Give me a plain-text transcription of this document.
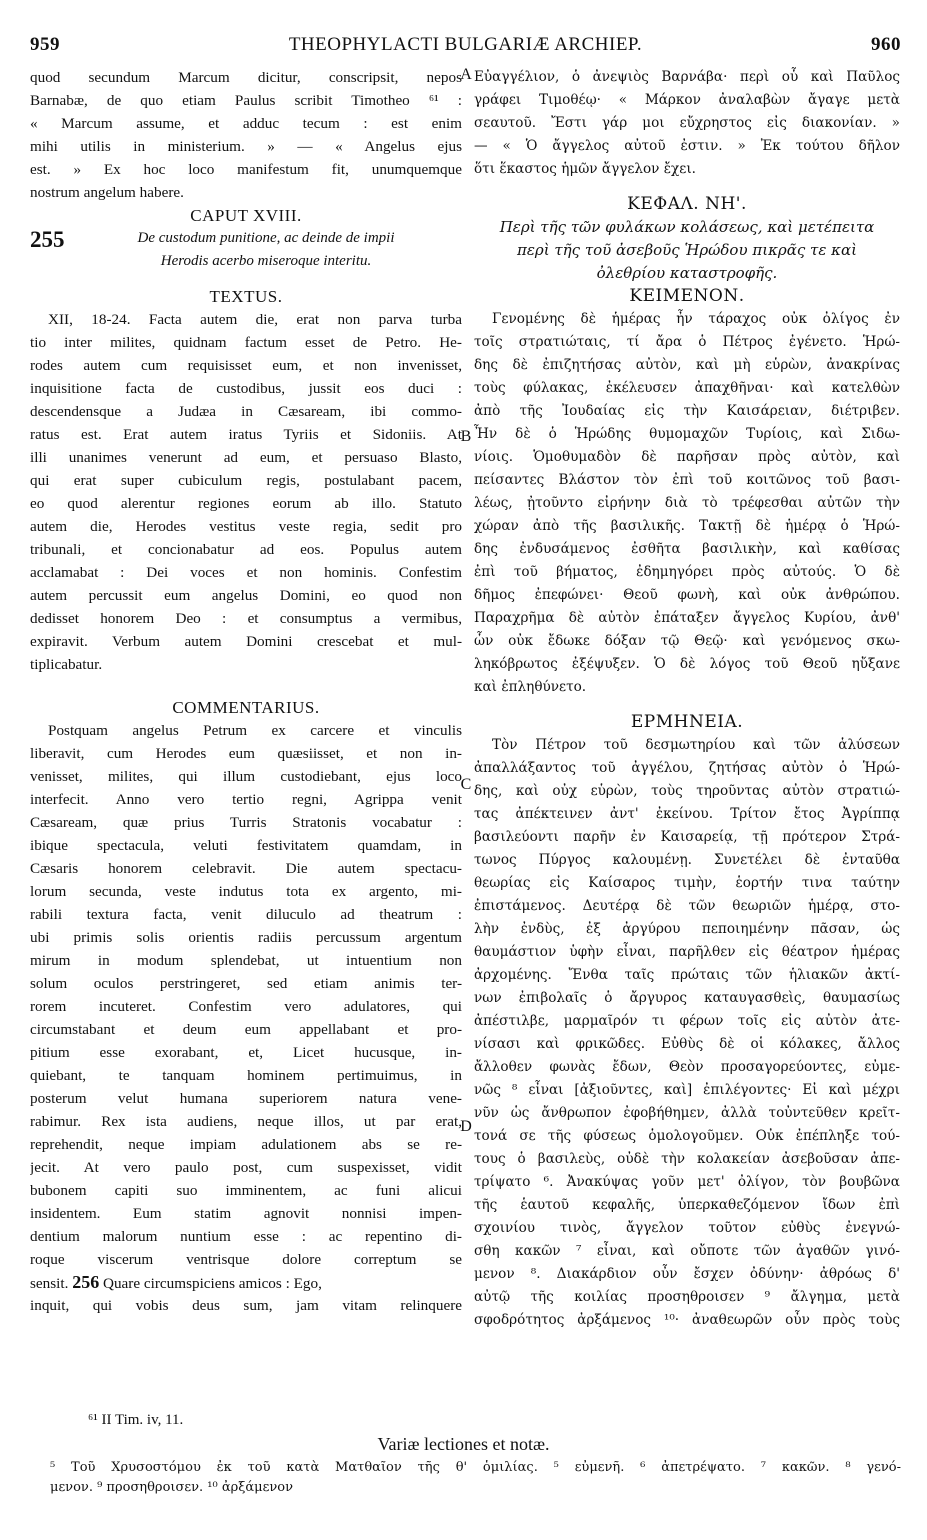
959	THEOPHYLACTI BULGARIÆ ARCHIEP.	960
A
B
C
D
quod secundum Marcum dicitur, conscripsit, nepos
Barnabæ, de quo etiam Paulus scribit Timotheo ⁶¹ :
« Marcum assume, et adduc tecum : est enim
mihi utilis in ministerium. » — « Angelus ejus
est. » Ex hoc loco manifestum fit, unumquemque
nostrum angelum habere.
CAPUT XVIII.
255	De custodum punitione, ac deinde de impii
Herodis acerbo miseroque interitu.
TEXTUS.
XII, 18-24. Facta autem die, erat non parva turba
tio inter milites, quidnam factum esset de Petro. He-
rodes autem cum requisisset eum, et non invenisset,
inquisitione facta de custodibus, jussit eos duci :
descendensque a Judæa in Cæsaream, ibi commo-
ratus est. Erat autem iratus Tyriis et Sidoniis. At
illi unanimes venerunt ad eum, et persuaso Blasto,
qui erat super cubiculum regis, postulabant pacem,
eo quod alerentur regiones eorum ab illo. Statuto
autem die, Herodes vestitus veste regia, sedit pro
tribunali, et concionabatur ad eos. Populus autem
acclamabat : Dei voces et non hominis. Confestim
autem percussit eum angelus Domini, eo quod non
dedisset honorem Deo : et consumptus a vermibus,
expiravit. Verbum autem Domini crescebat et mul-
tiplicabatur.
COMMENTARIUS.
Postquam angelus Petrum ex carcere et vinculis
liberavit, cum Herodes eum quæsiisset, et non in-
venisset, milites, qui illum custodiebant, ejus loco
interfecit. Anno vero tertio regni, Agrippa venit
Cæsaream, quæ prius Turris Stratonis vocabatur :
ibique spectacula, veluti festivitatem quamdam, in
Cæsaris honorem celebravit. Die autem spectacu-
lorum secunda, veste indutus tota ex argento, mi-
rabili textura facta, venit diluculo ad theatrum :
ubi primis solis orientis radiis percussum argentum
mirum in modum splendebat, ut intuentium non
solum oculos perstringeret, sed etiam animis ter-
rorem incuteret. Confestim vero adulatores, qui
circumstabant et deum eum appellabant et pro-
pitium esse exorabant, et, Licet hucusque, in-
quiebant, te tanquam hominem pertimuimus, in
posterum velut humana superiorem natura vene-
rabimur. Rex ista audiens, neque illos, ut par erat,
reprehendit, neque impiam adulationem abs se re-
jecit. At vero paulo post, cum suspexisset, vidit
bubonem capiti suo imminentem, ac funi alicui
insidentem. Eum statim agnovit nonnisi impen-
dentium malorum nuntium esse : ac repentino di-
roque viscerum ventrisque dolore correptum se
sensit. 256 Quare circumspiciens amicos : Ego,
inquit, qui vobis deus sum, jam vitam relinquere
Εὐαγγέλιον, ὁ ἀνεψιὸς Βαρνάβα· περὶ οὗ καὶ Παῦλος
γράφει Τιμοθέῳ· « Μάρκον ἀναλαβὼν ἄγαγε μετὰ
σεαυτοῦ. Ἔστι γάρ μοι εὔχρηστος εἰς διακονίαν. »
— « Ὁ ἄγγελος αὐτοῦ ἐστιν. » Ἐκ τούτου δῆλον
ὅτι ἕκαστος ἡμῶν ἄγγελον ἔχει.
ΚΕΦΑΛ. ΝΗ'.
Περὶ τῆς τῶν φυλάκων κολάσεως, καὶ μετέπειτα
περὶ τῆς τοῦ ἀσεβοῦς Ἡρώδου πικρᾶς τε καὶ
ὀλεθρίου καταστροφῆς.
ΚΕΙΜΕΝΟΝ.
Γενομένης δὲ ἡμέρας ἦν τάραχος οὐκ ὀλίγος ἐν
τοῖς στρατιώταις, τί ἄρα ὁ Πέτρος ἐγένετο. Ἡρώ-
δης δὲ ἐπιζητήσας αὐτὸν, καὶ μὴ εὑρὼν, ἀνακρίνας
τοὺς φύλακας, ἐκέλευσεν ἀπαχθῆναι· καὶ κατελθὼν
ἀπὸ τῆς Ἰουδαίας εἰς τὴν Καισάρειαν, διέτριβεν.
Ἦν δὲ ὁ Ἡρώδης θυμομαχῶν Τυρίοις, καὶ Σιδω-
νίοις. Ὁμοθυμαδὸν δὲ παρῆσαν πρὸς αὐτὸν, καὶ
πείσαντες Βλάστον τὸν ἐπὶ τοῦ κοιτῶνος τοῦ βασι-
λέως, ᾐτοῦντο εἰρήνην διὰ τὸ τρέφεσθαι αὐτῶν τὴν
χώραν ἀπὸ τῆς βασιλικῆς. Τακτῇ δὲ ἡμέρᾳ ὁ Ἡρώ-
δης ἐνδυσάμενος ἐσθῆτα βασιλικὴν, καὶ καθίσας
ἐπὶ τοῦ βήματος, ἐδημηγόρει πρὸς αὐτούς. Ὁ δὲ
δῆμος ἐπεφώνει· Θεοῦ φωνὴ, καὶ οὐκ ἀνθρώπου.
Παραχρῆμα δὲ αὐτὸν ἐπάταξεν ἄγγελος Κυρίου, ἀνθ'
ὧν οὐκ ἔδωκε δόξαν τῷ Θεῷ· καὶ γενόμενος σκω-
ληκόβρωτος ἐξέψυξεν. Ὁ δὲ λόγος τοῦ Θεοῦ ηὔξανε
καὶ ἐπληθύνετο.
ΕΡΜΗΝΕΙΑ.
Τὸν Πέτρον τοῦ δεσμωτηρίου καὶ τῶν ἁλύσεων
ἀπαλλάξαντος τοῦ ἀγγέλου, ζητήσας αὐτὸν ὁ Ἡρώ-
δης, καὶ οὐχ εὑρὼν, τοὺς τηροῦντας αὐτὸν στρατιώ-
τας ἀπέκτεινεν ἀντ' ἐκείνου. Τρίτον ἔτος Ἀγρίππᾳ
βασιλεύοντι παρῆν ἐν Καισαρείᾳ, τῇ πρότερον Στρά-
τωνος Πύργος καλουμένῃ. Συνετέλει δὲ ἐνταῦθα
θεωρίας εἰς Καίσαρος τιμὴν, ἑορτήν τινα ταύτην
ἐπιστάμενος. Δευτέρᾳ δὲ τῶν θεωριῶν ἡμέρᾳ, στο-
λὴν ἐνδὺς, ἐξ ἀργύρου πεποιημένην πᾶσαν, ὡς
θαυμάστιον ὑφὴν εἶναι, παρῆλθεν εἰς θέατρον ἡμέρας
ἀρχομένης. Ἔνθα ταῖς πρώταις τῶν ἡλιακῶν ἀκτί-
νων ἐπιβολαῖς ὁ ἄργυρος καταυγασθεὶς, θαυμασίως
ἀπέστιλβε, μαρμαῖρόν τι φέρων τοῖς εἰς αὐτὸν ἀτε-
νίσασι καὶ φρικῶδες. Εὐθὺς δὲ οἱ κόλακες, ἄλλος
ἄλλοθεν φωνὰς ἔδων, Θεὸν προσαγορεύοντες, εὐμε-
νῶς ⁸ εἶναι [ἀξιοῦντες, καὶ] ἐπιλέγοντες· Εἰ καὶ μέχρι
νῦν ὡς ἄνθρωπον ἐφοβήθημεν, ἀλλὰ τοὐντεῦθεν κρεῖτ-
τονά σε τῆς φύσεως ὁμολογοῦμεν. Οὐκ ἐπέπληξε τού-
τους ὁ βασιλεὺς, οὐδὲ τὴν κολακείαν ἀσεβοῦσαν ἀπε-
τρίψατο ⁶. Ἀνακύψας γοῦν μετ' ὀλίγον, τὸν βουβῶνα
τῆς ἑαυτοῦ κεφαλῆς, ὑπερκαθεζόμενον ἴδων ἐπὶ
σχοινίου τινὸς, ἄγγελον τοῦτον εὐθὺς ἐνεγνώ-
σθη κακῶν ⁷ εἶναι, καὶ οὔποτε τῶν ἀγαθῶν γινό-
μενον ⁸. Διακάρδιον οὖν ἔσχεν ὀδύνην· ἀθρόως δ'
αὐτῷ τῆς κοιλίας προσηθροισεν ⁹ ἄλγημα, μετὰ
σφοδρότητος ἀρξάμενος ¹⁰· ἀναθεωρῶν οὖν πρὸς τοὺς
⁶¹ II Tim. iv, 11.
Variæ lectiones et notæ.
⁵ Τοῦ Χρυσοστόμου ἐκ τοῦ κατὰ Ματθαῖον τῆς θ' ὁμιλίας. ⁵ εὐμενῆ. ⁶ ἀπετρέψατο. ⁷ κακῶν. ⁸ γενό-
μενον. ⁹ προσηθροισεν. ¹⁰ ἀρξάμενον
